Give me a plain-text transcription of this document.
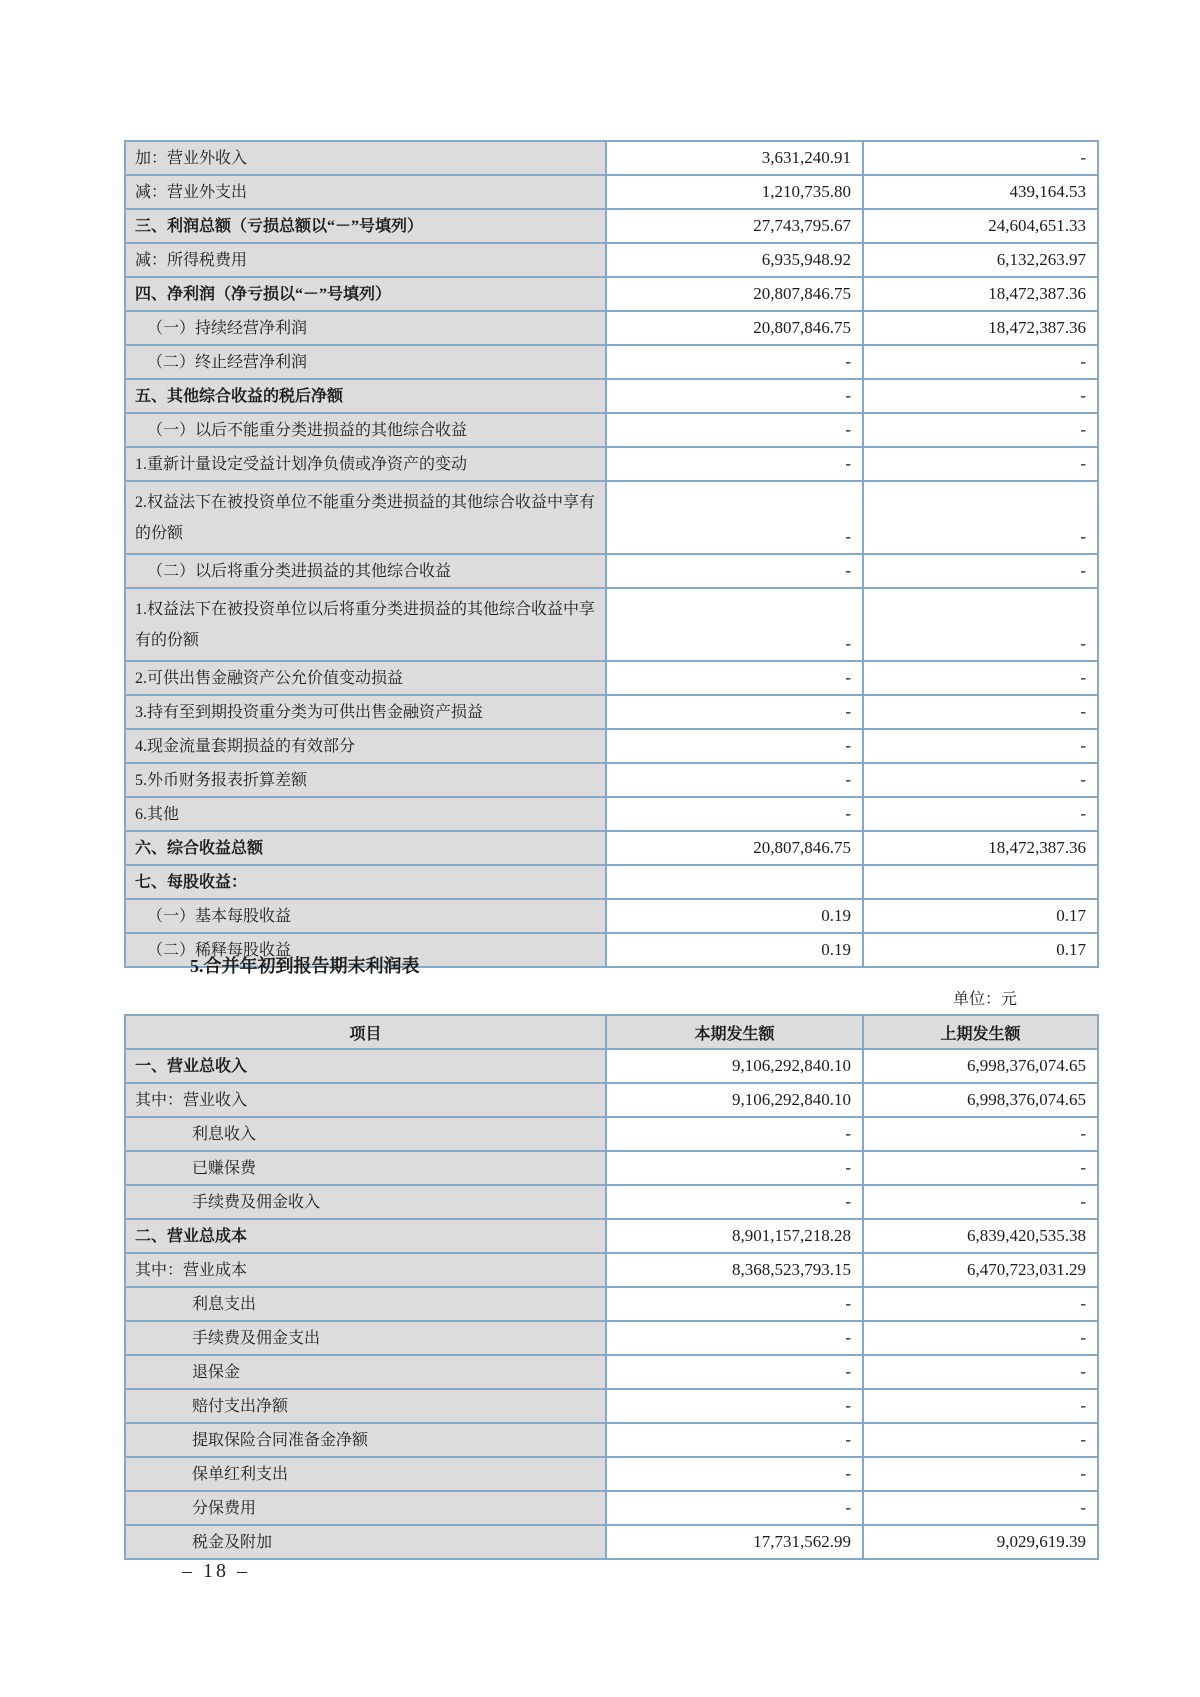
加：营业外收入	3,631,240.91	-
减：营业外支出	1,210,735.80	439,164.53
三、利润总额（亏损总额以“－”号填列）	27,743,795.67	24,604,651.33
减：所得税费用	6,935,948.92	6,132,263.97
四、净利润（净亏损以“－”号填列）	20,807,846.75	18,472,387.36
（一）持续经营净利润	20,807,846.75	18,472,387.36
（二）终止经营净利润	-	-
五、其他综合收益的税后净额	-	-
（一）以后不能重分类进损益的其他综合收益	-	-
1.重新计量设定受益计划净负债或净资产的变动	-	-
2.权益法下在被投资单位不能重分类进损益的其他综合收益中享有的份额	-	-
（二）以后将重分类进损益的其他综合收益	-	-
1.权益法下在被投资单位以后将重分类进损益的其他综合收益中享有的份额	-	-
2.可供出售金融资产公允价值变动损益	-	-
3.持有至到期投资重分类为可供出售金融资产损益	-	-
4.现金流量套期损益的有效部分	-	-
5.外币财务报表折算差额	-	-
6.其他	-	-
六、综合收益总额	20,807,846.75	18,472,387.36
七、每股收益：		
（一）基本每股收益	0.19	0.17
（二）稀释每股收益	0.19	0.17
5.合并年初到报告期末利润表
单位：元
项目	本期发生额	上期发生额
一、营业总收入	9,106,292,840.10	6,998,376,074.65
其中：营业收入	9,106,292,840.10	6,998,376,074.65
利息收入	-	-
已赚保费	-	-
手续费及佣金收入	-	-
二、营业总成本	8,901,157,218.28	6,839,420,535.38
其中：营业成本	8,368,523,793.15	6,470,723,031.29
利息支出	-	-
手续费及佣金支出	-	-
退保金	-	-
赔付支出净额	-	-
提取保险合同准备金净额	-	-
保单红利支出	-	-
分保费用	-	-
税金及附加	17,731,562.99	9,029,619.39
– 18 –
